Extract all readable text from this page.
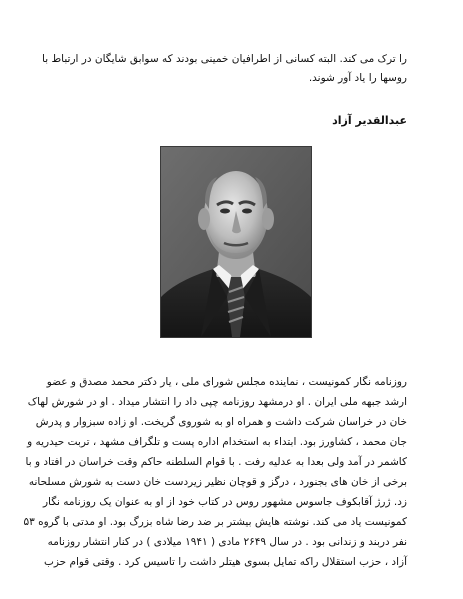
را ترک می کند. البته کسانی از اطرافیان خمینی بودند که سوابق شایگان در ارتباط با
روسها را یاد آور شوند.
عبدالقدیر آزاد
روزنامه نگار کمونیست ، نماینده مجلس شورای ملی ، یار دکتر محمد مصدق و عضو
ارشد جبهه ملی ایران . او درمشهد روزنامه چپی داد را انتشار میداد . او در شورش لهاک
خان در خراسان شرکت داشت و همراه او به شوروی گریخت. او زاده سبزوار و پدرش
جان محمد ، کشاورز بود. ابتداء به استخدام اداره پست و تلگراف مشهد ، تربت حیدریه و
کاشمر در آمد ولی بعدا به عدلیه رفت . با قوام السلطنه حاکم وقت خراسان در افتاد و با
برخی از خان های بجنورد ، درگز و قوچان نظیر زیردست خان دست به شورش مسلحانه
زد. ژرژ آقابکوف جاسوس مشهور روس در کتاب خود از او به عنوان یک روزنامه نگار
کمونیست یاد می کند. نوشته هایش بیشتر بر ضد رضا شاه بزرگ بود. او مدتی با گروه ۵۳
نفر دربند و زندانی بود . در سال ۲۶۴۹ مادی ( ۱۹۴۱ میلادی ) در کنار انتشار روزنامه
آزاد ، حزب استقلال راکه تمایل بسوی هیتلر داشت را تاسیس کرد . وقتی قوام حزب
